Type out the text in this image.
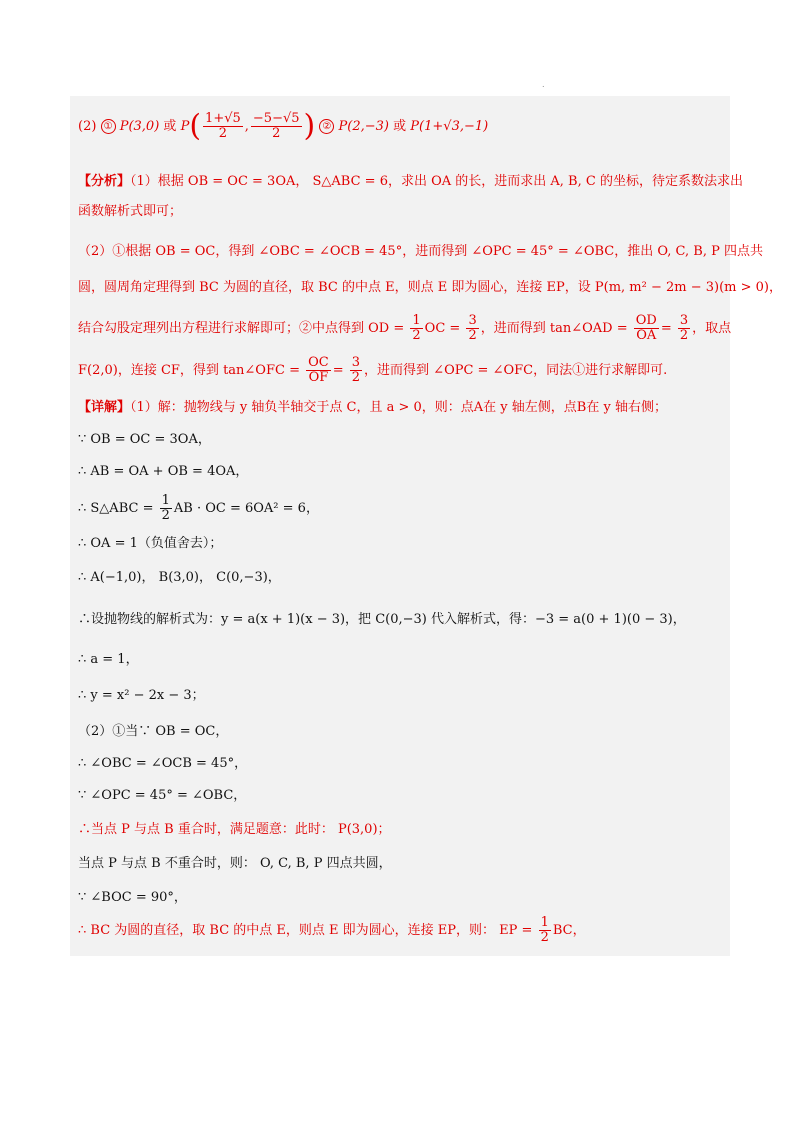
.
(2) ① P(3,0) 或 $P( \frac{1+√5}{2}$ , $\frac{-5-√5}{2}$ ) ② P(2,−3) 或 P(1+√3,−1)
【分析】（1）根据 OB = OC = 3OA， S△ABC = 6，求出 OA 的长，进而求出 A, B, C 的坐标，待定系数法求出
函数解析式即可；
（2）①根据 OB = OC，得到 ∠OBC = ∠OCB = 45°，进而得到 ∠OPC = 45° = ∠OBC，推出 O, C, B, P 四点共
圆，圆周角定理得到 BC 为圆的直径，取 BC 的中点 E，则点 E 即为圆心，连接 EP，设 P(m, m² − 2m − 3)(m > 0)，
结合勾股定理列出方程进行求解即可；②中点得到 OD = $\frac{1}{2}$ OC = $\frac{3}{2}$ ，进而得到 tan∠OAD = $\frac{OD}{OA} = \frac{3}{2}$ ，取点
F(2,0)，连接 CF，得到 tan∠OFC = $\frac{OC}{OF} = \frac{3}{2}$ ，进而得到 ∠OPC = ∠OFC，同法①进行求解即可.
【详解】（1）解：抛物线与 y 轴负半轴交于点 C，且 a > 0，则：点A在 y 轴左侧，点B在 y 轴右侧；
∵ OB = OC = 3OA，
∴ AB = OA + OB = 4OA，
∴ S△ABC = $\frac{1}{2}$ AB · OC = 6OA² = 6，
∴ OA = 1（负值舍去）；
∴ A(−1,0)， B(3,0)， C(0,−3)，
∴设抛物线的解析式为：y = a(x + 1)(x − 3)，把 C(0,−3) 代入解析式，得：−3 = a(0 + 1)(0 − 3)，
∴ a = 1，
∴ y = x² − 2x − 3；
（2）①当∵ OB = OC，
∴ ∠OBC = ∠OCB = 45°，
∵ ∠OPC = 45° = ∠OBC，
∴当点 P 与点 B 重合时，满足题意：此时： P(3,0)；
当点 P 与点 B 不重合时，则： O, C, B, P 四点共圆，
∵ ∠BOC = 90°，
∴ BC 为圆的直径，取 BC 的中点 E，则点 E 即为圆心，连接 EP，则： EP = $\frac{1}{2}$ BC，
